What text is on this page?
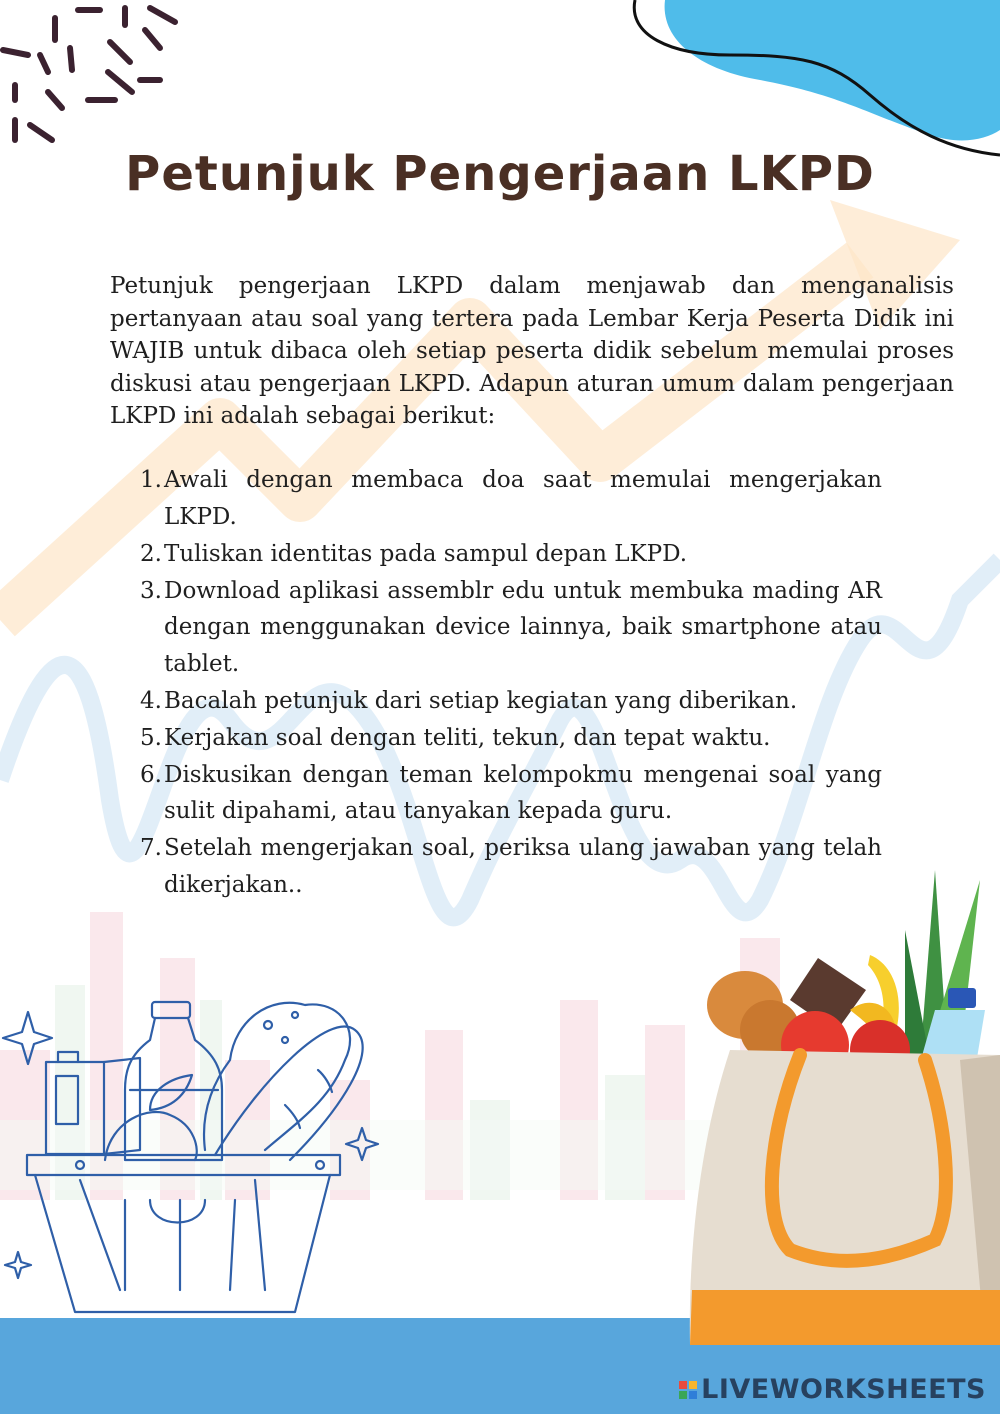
Petunjuk Pengerjaan LKPD

Petunjuk pengerjaan LKPD dalam menjawab dan menganalisis pertanyaan atau soal yang tertera pada Lembar Kerja Peserta Didik ini WAJIB untuk dibaca oleh setiap peserta didik sebelum memulai proses diskusi atau pengerjaan LKPD. Adapun aturan umum dalam pengerjaan LKPD ini adalah sebagai berikut:

1. Awali dengan membaca doa saat memulai mengerjakan LKPD.
2. Tuliskan identitas pada sampul depan LKPD.
3. Download aplikasi assemblr edu untuk membuka mading AR dengan menggunakan device lainnya, baik smartphone atau tablet.
4. Bacalah petunjuk dari setiap kegiatan yang diberikan.
5. Kerjakan soal dengan teliti, tekun, dan tepat waktu.
6. Diskusikan dengan teman kelompokmu mengenai soal yang sulit dipahami, atau tanyakan kepada guru.
7. Setelah mengerjakan soal, periksa ulang jawaban yang telah dikerjakan..
LIVEWORKSHEETS
